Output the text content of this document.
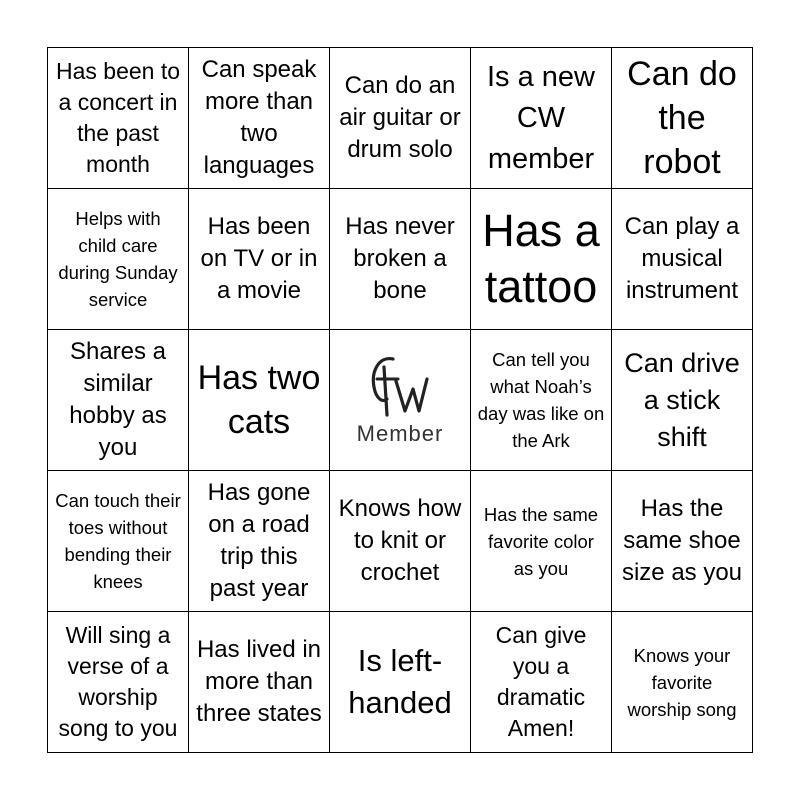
Has been to a concert in the past month
Can speak more than two languages
Can do an air guitar or drum solo
Is a new CW member
Can do the robot
Helps with child care during Sunday service
Has been on TV or in a movie
Has never broken a bone
Has a tattoo
Can play a musical instrument
Shares a similar hobby as you
Has two cats	Member
Can tell you what Noah’s day was like on the Ark
Can drive a stick shift
Can touch their toes without bending their knees
Has gone on a road trip this past year
Knows how to knit or crochet
Has the same favorite color as you
Has the same shoe size as you
Will sing a verse of a worship song to you
Has lived in more than three states
Is left-handed
Can give you a dramatic Amen!
Knows your favorite worship song
